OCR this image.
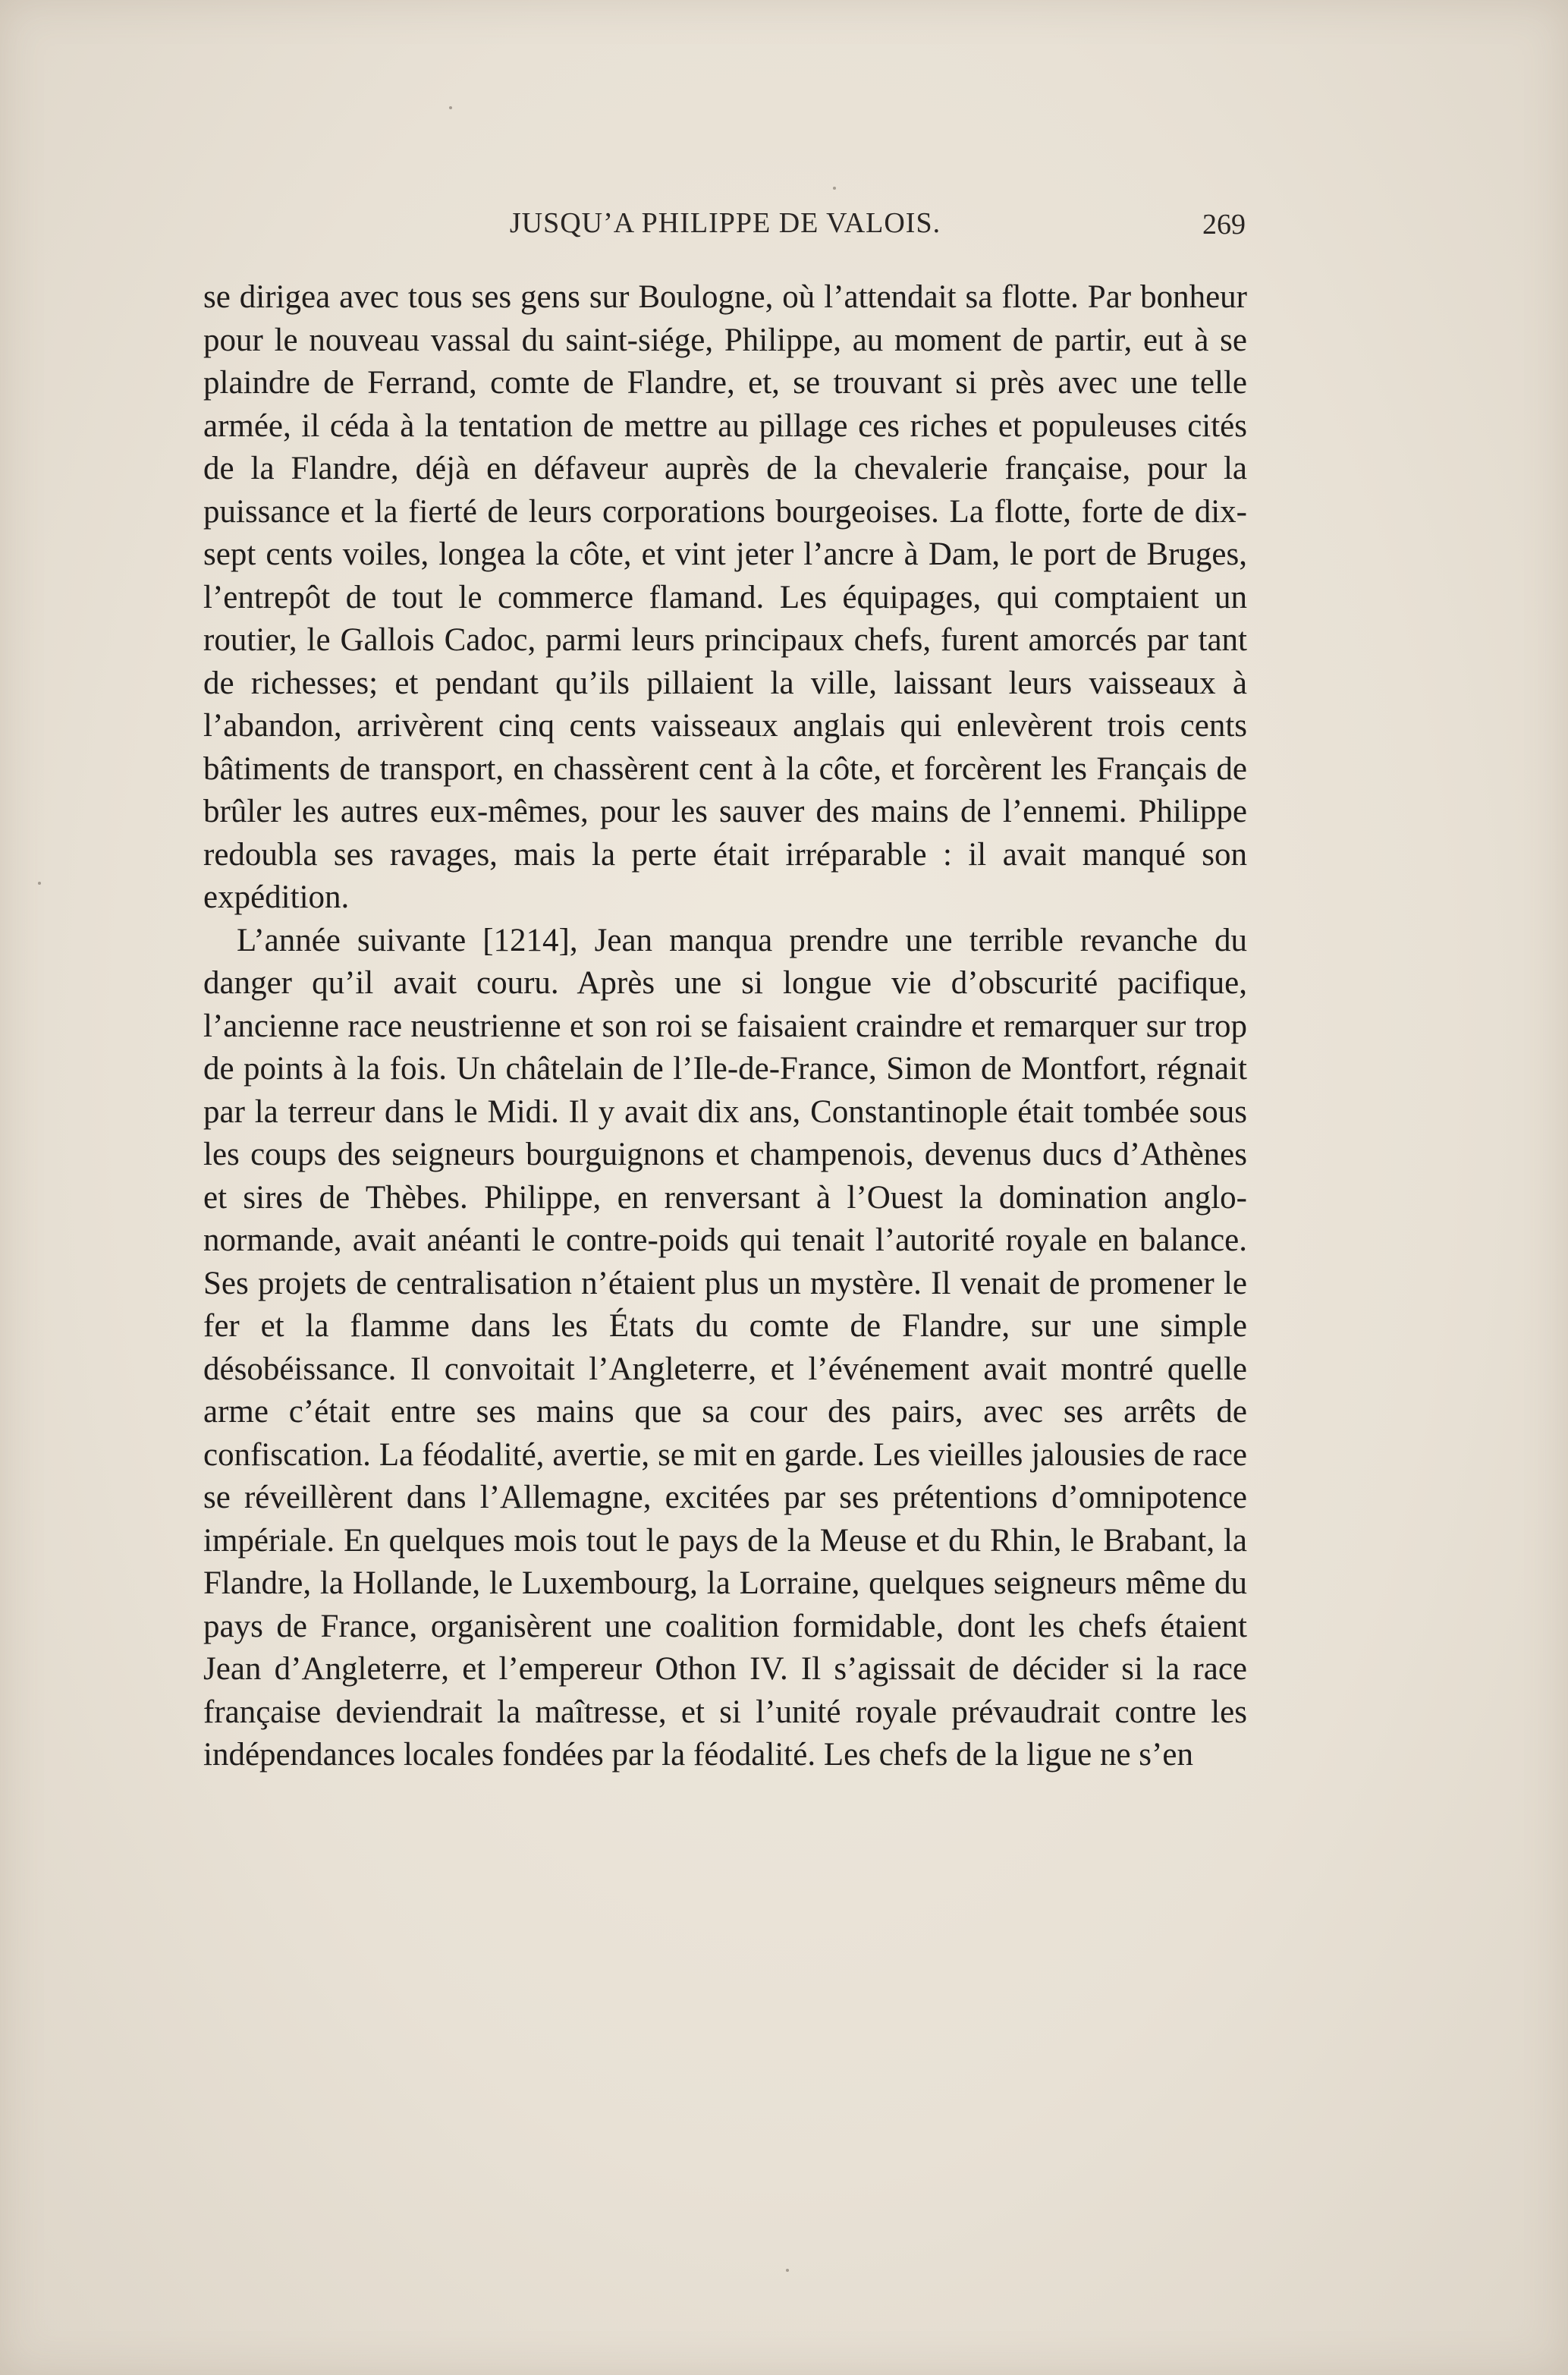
JUSQU’A PHILIPPE DE VALOIS.	269

se dirigea avec tous ses gens sur Boulogne, où l’attendait sa flotte. Par bonheur pour le nouveau vassal du saint-siége, Philippe, au moment de partir, eut à se plaindre de Ferrand, comte de Flandre, et, se trouvant si près avec une telle armée, il céda à la tentation de mettre au pillage ces riches et populeuses cités de la Flandre, déjà en défaveur auprès de la chevalerie française, pour la puissance et la fierté de leurs corporations bourgeoises. La flotte, forte de dix-sept cents voiles, longea la côte, et vint jeter l’ancre à Dam, le port de Bruges, l’entrepôt de tout le commerce flamand. Les équipages, qui comptaient un routier, le Gallois Cadoc, parmi leurs principaux chefs, furent amorcés par tant de richesses; et pendant qu’ils pillaient la ville, laissant leurs vaisseaux à l’abandon, arrivèrent cinq cents vaisseaux anglais qui enlevèrent trois cents bâtiments de transport, en chassèrent cent à la côte, et forcèrent les Français de brûler les autres eux-mêmes, pour les sauver des mains de l’ennemi. Philippe redoubla ses ravages, mais la perte était irréparable : il avait manqué son expédition.

L’année suivante [1214], Jean manqua prendre une terrible revanche du danger qu’il avait couru. Après une si longue vie d’obscurité pacifique, l’ancienne race neustrienne et son roi se faisaient craindre et remarquer sur trop de points à la fois. Un châtelain de l’Ile-de-France, Simon de Montfort, régnait par la terreur dans le Midi. Il y avait dix ans, Constantinople était tombée sous les coups des seigneurs bourguignons et champenois, devenus ducs d’Athènes et sires de Thèbes. Philippe, en renversant à l’Ouest la domination anglo-normande, avait anéanti le contre-poids qui tenait l’autorité royale en balance. Ses projets de centralisation n’étaient plus un mystère. Il venait de promener le fer et la flamme dans les États du comte de Flandre, sur une simple désobéissance. Il convoitait l’Angleterre, et l’événement avait montré quelle arme c’était entre ses mains que sa cour des pairs, avec ses arrêts de confiscation. La féodalité, avertie, se mit en garde. Les vieilles jalousies de race se réveillèrent dans l’Allemagne, excitées par ses prétentions d’omnipotence impériale. En quelques mois tout le pays de la Meuse et du Rhin, le Brabant, la Flandre, la Hollande, le Luxembourg, la Lorraine, quelques seigneurs même du pays de France, organisèrent une coalition formidable, dont les chefs étaient Jean d’Angleterre, et l’empereur Othon IV. Il s’agissait de décider si la race française deviendrait la maîtresse, et si l’unité royale prévaudrait contre les indépendances locales fondées par la féodalité. Les chefs de la ligue ne s’en
